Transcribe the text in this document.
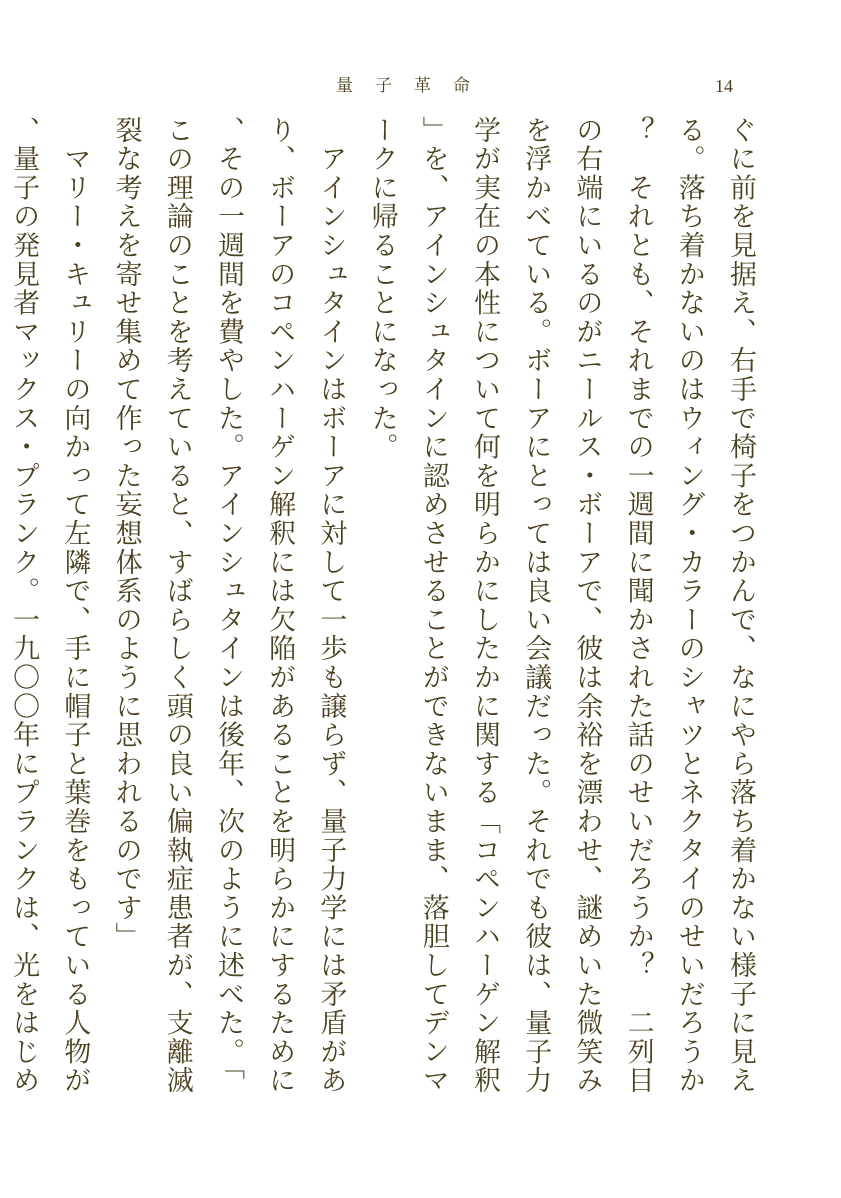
量子革命	14

ぐに前を見据え、右手で椅子をつかんで、なにやら落ち着かない様子に見える。落ち着かないのはウィング・カラーのシャツとネクタイのせいだろうか？　それとも、それまでの一週間に聞かされた話のせいだろうか？　二列目の右端にいるのがニールス・ボーアで、彼は余裕を漂わせ、謎めいた微笑みを浮かべている。ボーアにとっては良い会議だった。それでも彼は、量子力学が実在の本性について何を明らかにしたかに関する「コペンハーゲン解釈」を、アインシュタインに認めさせることができないまま、落胆してデンマークに帰ることになった。

　アインシュタインはボーアに対して一歩も譲らず、量子力学には矛盾があり、ボーアのコペンハーゲン解釈には欠陥があることを明らかにするために、その一週間を費やした。アインシュタインは後年、次のように述べた。「この理論のことを考えていると、すばらしく頭の良い偏執症患者が、支離滅裂な考えを寄せ集めて作った妄想体系のように思われるのです」

　マリー・キュリーの向かって左隣で、手に帽子と葉巻をもっている人物が、量子の発見者マックス・プランク。一九〇〇年にプランクは、光をはじめ
